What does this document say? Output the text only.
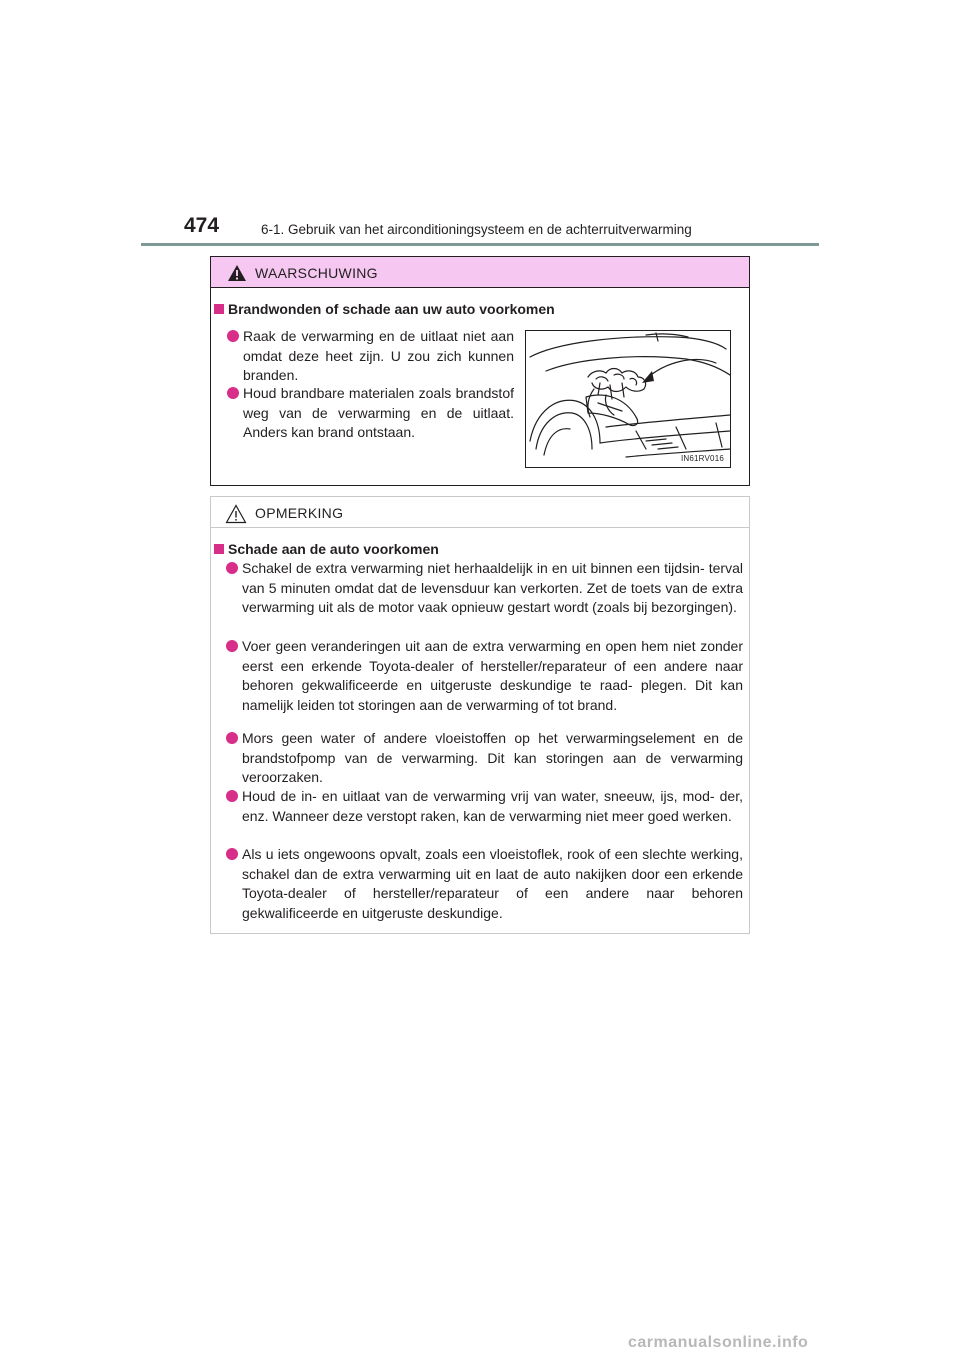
474	6-1. Gebruik van het airconditioningsysteem en de achterruitverwarming
WAARSCHUWING
Brandwonden of schade aan uw auto voorkomen
Raak de verwarming en de uitlaat niet aan omdat deze heet zijn. U zou zich kunnen branden.
Houd brandbare materialen zoals brandstof weg van de verwarming en de uitlaat. Anders kan brand ontstaan.
IN61RV016
OPMERKING
Schade aan de auto voorkomen
Schakel de extra verwarming niet herhaaldelijk in en uit binnen een tijdsin- terval van 5 minuten omdat dat de levensduur kan verkorten. Zet de toets van de extra verwarming uit als de motor vaak opnieuw gestart wordt (zoals bij bezorgingen).
Voer geen veranderingen uit aan de extra verwarming en open hem niet zonder eerst een erkende Toyota-dealer of hersteller/reparateur of een andere naar behoren gekwalificeerde en uitgeruste deskundige te raad- plegen. Dit kan namelijk leiden tot storingen aan de verwarming of tot brand.
Mors geen water of andere vloeistoffen op het verwarmingselement en de brandstofpomp van de verwarming. Dit kan storingen aan de verwarming veroorzaken.
Houd de in- en uitlaat van de verwarming vrij van water, sneeuw, ijs, mod- der, enz. Wanneer deze verstopt raken, kan de verwarming niet meer goed werken.
Als u iets ongewoons opvalt, zoals een vloeistoflek, rook of een slechte werking, schakel dan de extra verwarming uit en laat de auto nakijken door een erkende Toyota-dealer of hersteller/reparateur of een andere naar behoren gekwalificeerde en uitgeruste deskundige.
carmanualsonline.info
